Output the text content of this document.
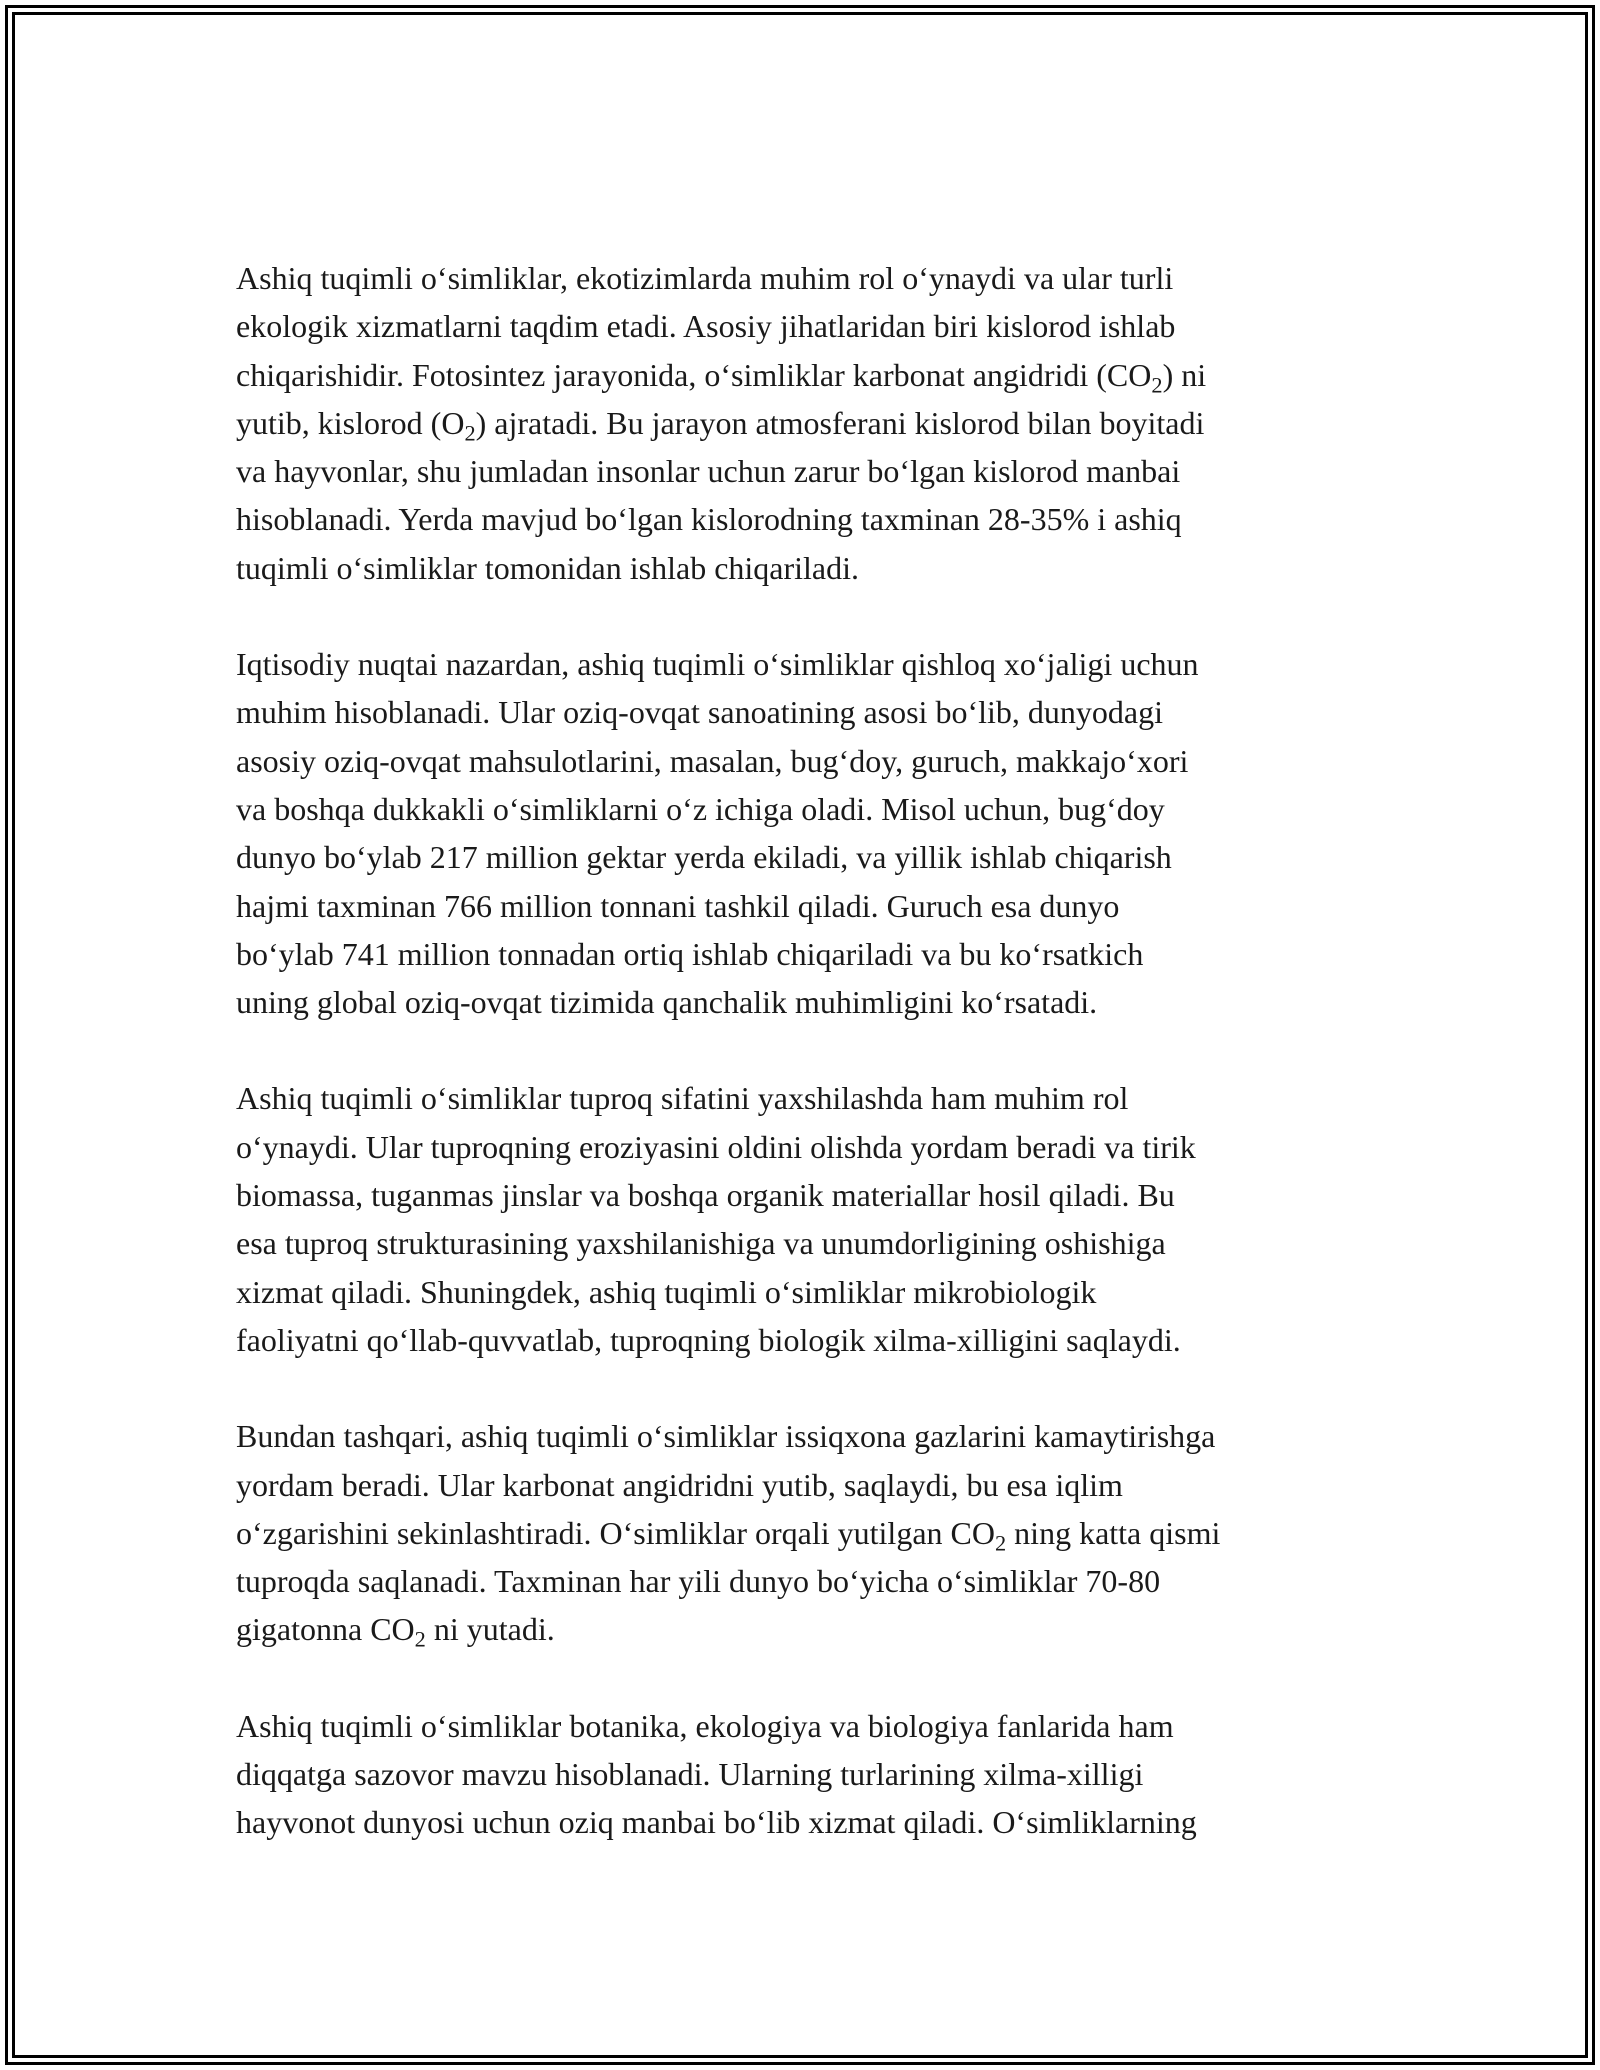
Ashiq tuqimli o‘simliklar, ekotizimlarda muhim rol o‘ynaydi va ular turli
ekologik xizmatlarni taqdim etadi. Asosiy jihatlaridan biri kislorod ishlab
chiqarishidir. Fotosintez jarayonida, o‘simliklar karbonat angidridi $(CO_2)$ ni
yutib, kislorod $(O_2)$ ajratadi. Bu jarayon atmosferani kislorod bilan boyitadi
va hayvonlar, shu jumladan insonlar uchun zarur bo‘lgan kislorod manbai
hisoblanadi. Yerda mavjud bo‘lgan kislorodning taxminan 28-35% i ashiq
tuqimli o‘simliklar tomonidan ishlab chiqariladi.

Iqtisodiy nuqtai nazardan, ashiq tuqimli o‘simliklar qishloq xo‘jaligi uchun
muhim hisoblanadi. Ular oziq-ovqat sanoatining asosi bo‘lib, dunyodagi
asosiy oziq-ovqat mahsulotlarini, masalan, bug‘doy, guruch, makkajo‘xori
va boshqa dukkakli o‘simliklarni o‘z ichiga oladi. Misol uchun, bug‘doy
dunyo bo‘ylab 217 million gektar yerda ekiladi, va yillik ishlab chiqarish
hajmi taxminan 766 million tonnani tashkil qiladi. Guruch esa dunyo
bo‘ylab 741 million tonnadan ortiq ishlab chiqariladi va bu ko‘rsatkich
uning global oziq-ovqat tizimida qanchalik muhimligini ko‘rsatadi.

Ashiq tuqimli o‘simliklar tuproq sifatini yaxshilashda ham muhim rol
o‘ynaydi. Ular tuproqning eroziyasini oldini olishda yordam beradi va tirik
biomassa, tuganmas jinslar va boshqa organik materiallar hosil qiladi. Bu
esa tuproq strukturasining yaxshilanishiga va unumdorligining oshishiga
xizmat qiladi. Shuningdek, ashiq tuqimli o‘simliklar mikrobiologik
faoliyatni qo‘llab-quvvatlab, tuproqning biologik xilma-xilligini saqlaydi.

Bundan tashqari, ashiq tuqimli o‘simliklar issiqxona gazlarini kamaytirishga
yordam beradi. Ular karbonat angidridni yutib, saqlaydi, bu esa iqlim
o‘zgarishini sekinlashtiradi. O‘simliklar orqali yutilgan $CO_2$ ning katta qismi
tuproqda saqlanadi. Taxminan har yili dunyo bo‘yicha o‘simliklar 70-80
gigatonna $CO_2$ ni yutadi.

Ashiq tuqimli o‘simliklar botanika, ekologiya va biologiya fanlarida ham
diqqatga sazovor mavzu hisoblanadi. Ularning turlarining xilma-xilligi
hayvonot dunyosi uchun oziq manbai bo‘lib xizmat qiladi. O‘simliklarning
